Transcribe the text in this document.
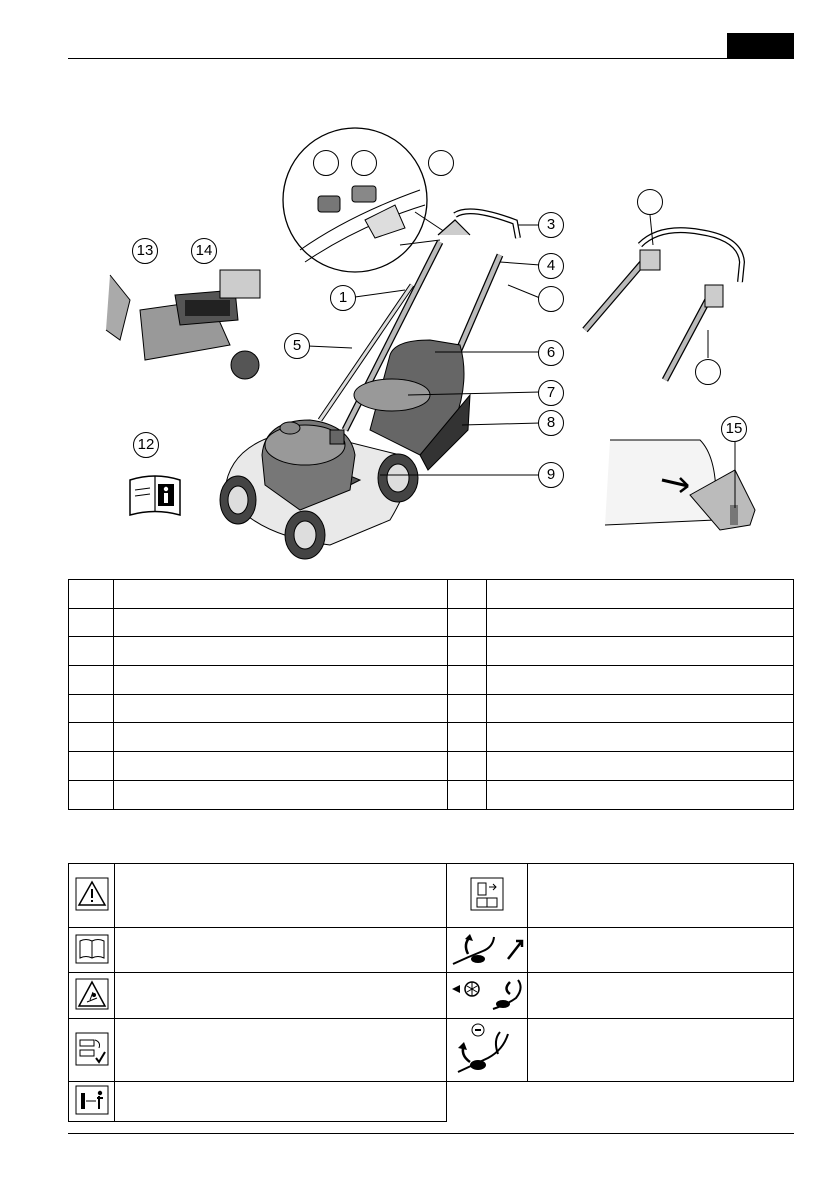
1
3
4
5	6
7
8
9
12
13	14
15
